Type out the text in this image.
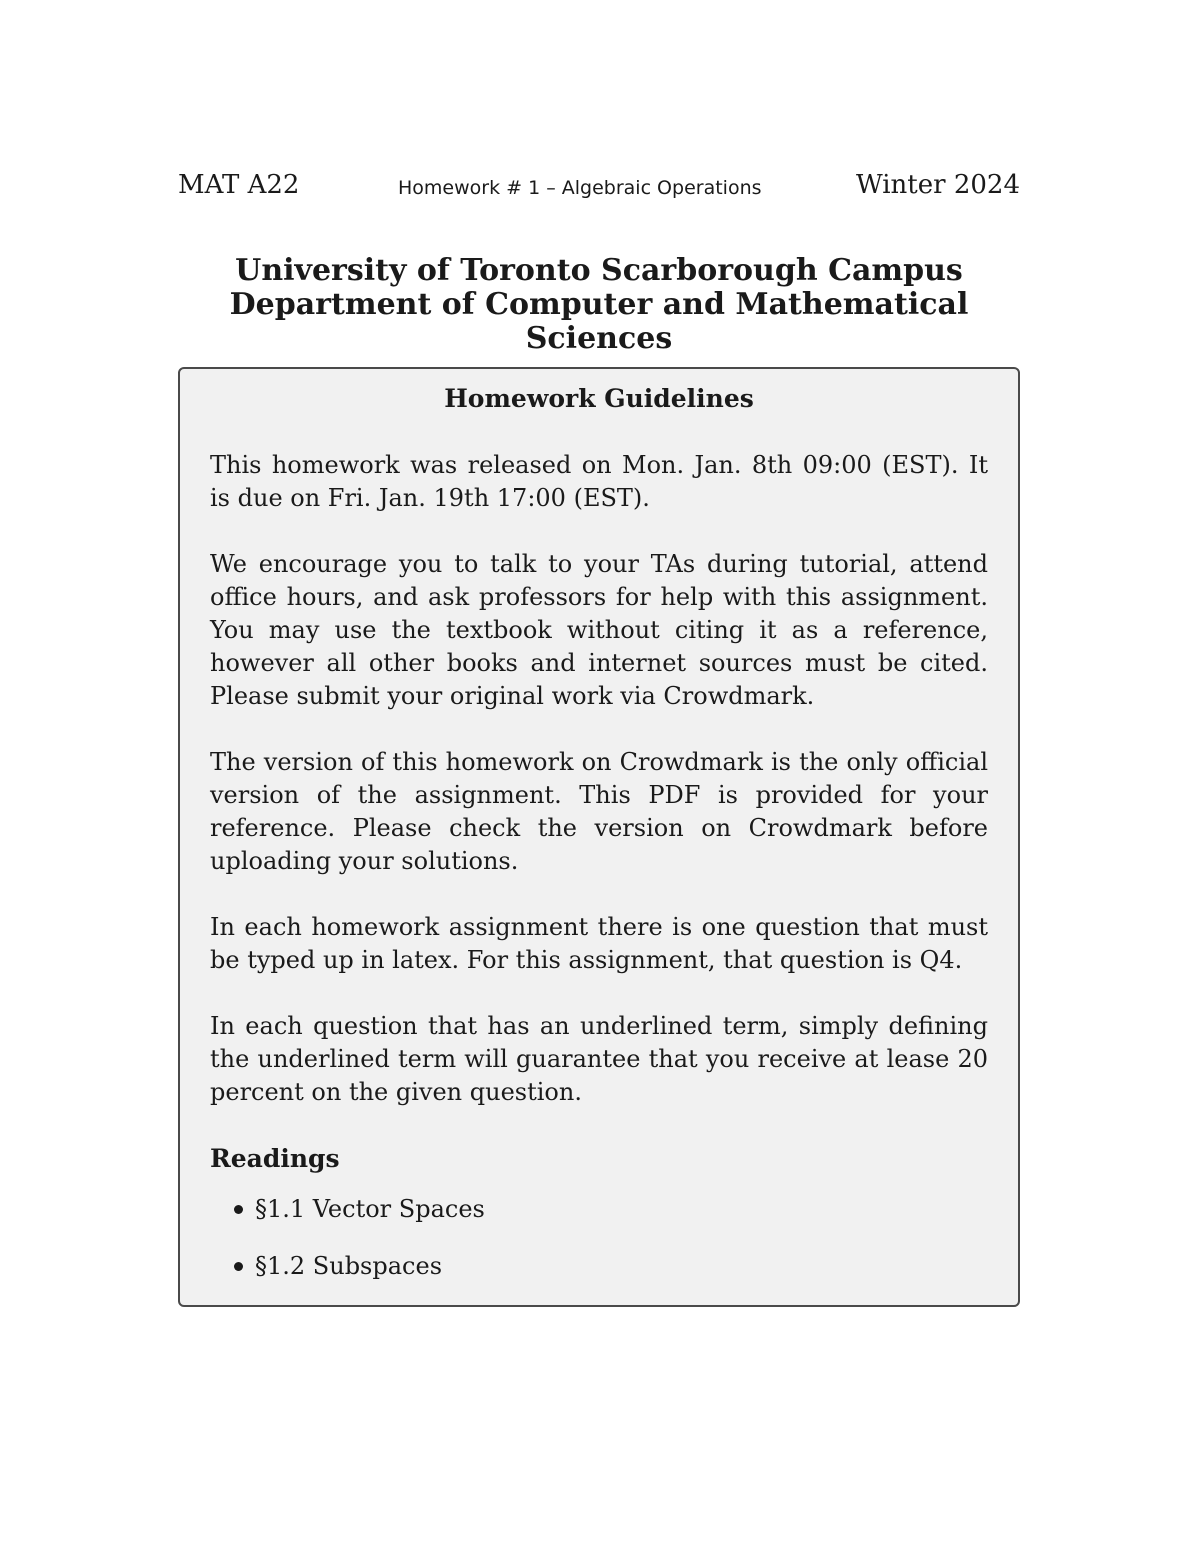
MAT A22	Homework # 1 – Algebraic Operations	Winter 2024
University of Toronto Scarborough Campus
Department of Computer and Mathematical
Sciences
Homework Guidelines

This homework was released on Mon. Jan. 8th 09:00 (EST). It is due on Fri. Jan. 19th 17:00 (EST).

We encourage you to talk to your TAs during tutorial, attend office hours, and ask professors for help with this assignment. You may use the textbook without citing it as a reference, however all other books and internet sources must be cited. Please submit your original work via Crowdmark.

The version of this homework on Crowdmark is the only official version of the assignment. This PDF is provided for your reference. Please check the version on Crowdmark before uploading your solutions.

In each homework assignment there is one question that must be typed up in latex. For this assignment, that question is Q4.

In each question that has an underlined term, simply defining the underlined term will guarantee that you receive at lease 20 percent on the given question.

Readings
§1.1 Vector Spaces
§1.2 Subspaces
